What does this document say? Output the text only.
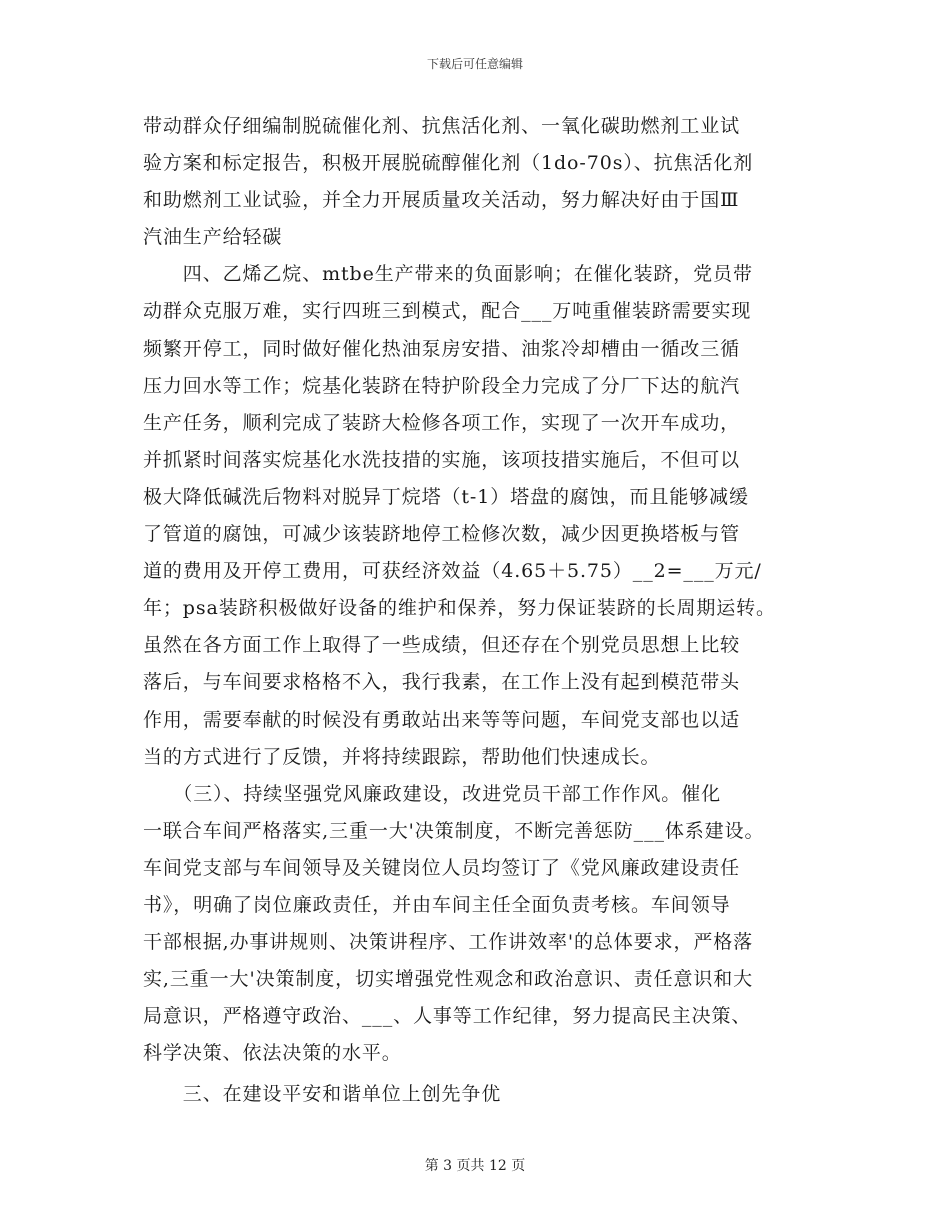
下载后可任意编辑
带动群众仔细编制脱硫催化剂、抗焦活化剂、一氧化碳助燃剂工业试
验方案和标定报告，积极开展脱硫醇催化剂（1do-70s）、抗焦活化剂
和助燃剂工业试验，并全力开展质量攻关活动，努力解决好由于国Ⅲ
汽油生产给轻碳
　　四、乙烯乙烷、mtbe生产带来的负面影响；在催化装跻，党员带
动群众克服万难，实行四班三到模式，配合___万吨重催装跻需要实现
频繁开停工，同时做好催化热油泵房安措、油浆冷却槽由一循改三循
压力回水等工作；烷基化装跻在特护阶段全力完成了分厂下达的航汽
生产任务，顺利完成了装跻大检修各项工作，实现了一次开车成功，
并抓紧时间落实烷基化水洗技措的实施，该项技措实施后，不但可以
极大降低碱洗后物料对脱异丁烷塔（t-1）塔盘的腐蚀，而且能够减缓
了管道的腐蚀，可减少该装跻地停工检修次数，减少因更换塔板与管
道的费用及开停工费用，可获经济效益（4.65＋5.75）__2=___万元/
年；psa装跻积极做好设备的维护和保养，努力保证装跻的长周期运转。
虽然在各方面工作上取得了一些成绩，但还存在个别党员思想上比较
落后，与车间要求格格不入，我行我素，在工作上没有起到模范带头
作用，需要奉献的时候没有勇敢站出来等等问题，车间党支部也以适
当的方式进行了反馈，并将持续跟踪，帮助他们快速成长。
　　（三）、持续坚强党风廉政建设，改进党员干部工作作风。催化
一联合车间严格落实,三重一大'决策制度，不断完善惩防___体系建设。
车间党支部与车间领导及关键岗位人员均签订了《党风廉政建设责任
书》，明确了岗位廉政责任，并由车间主任全面负责考核。车间领导
干部根据,办事讲规则、决策讲程序、工作讲效率'的总体要求，严格落
实,三重一大'决策制度，切实增强党性观念和政治意识、责任意识和大
局意识，严格遵守政治、___、人事等工作纪律，努力提高民主决策、
科学决策、依法决策的水平。
　　三、在建设平安和谐单位上创先争优
第 3 页共 12 页
